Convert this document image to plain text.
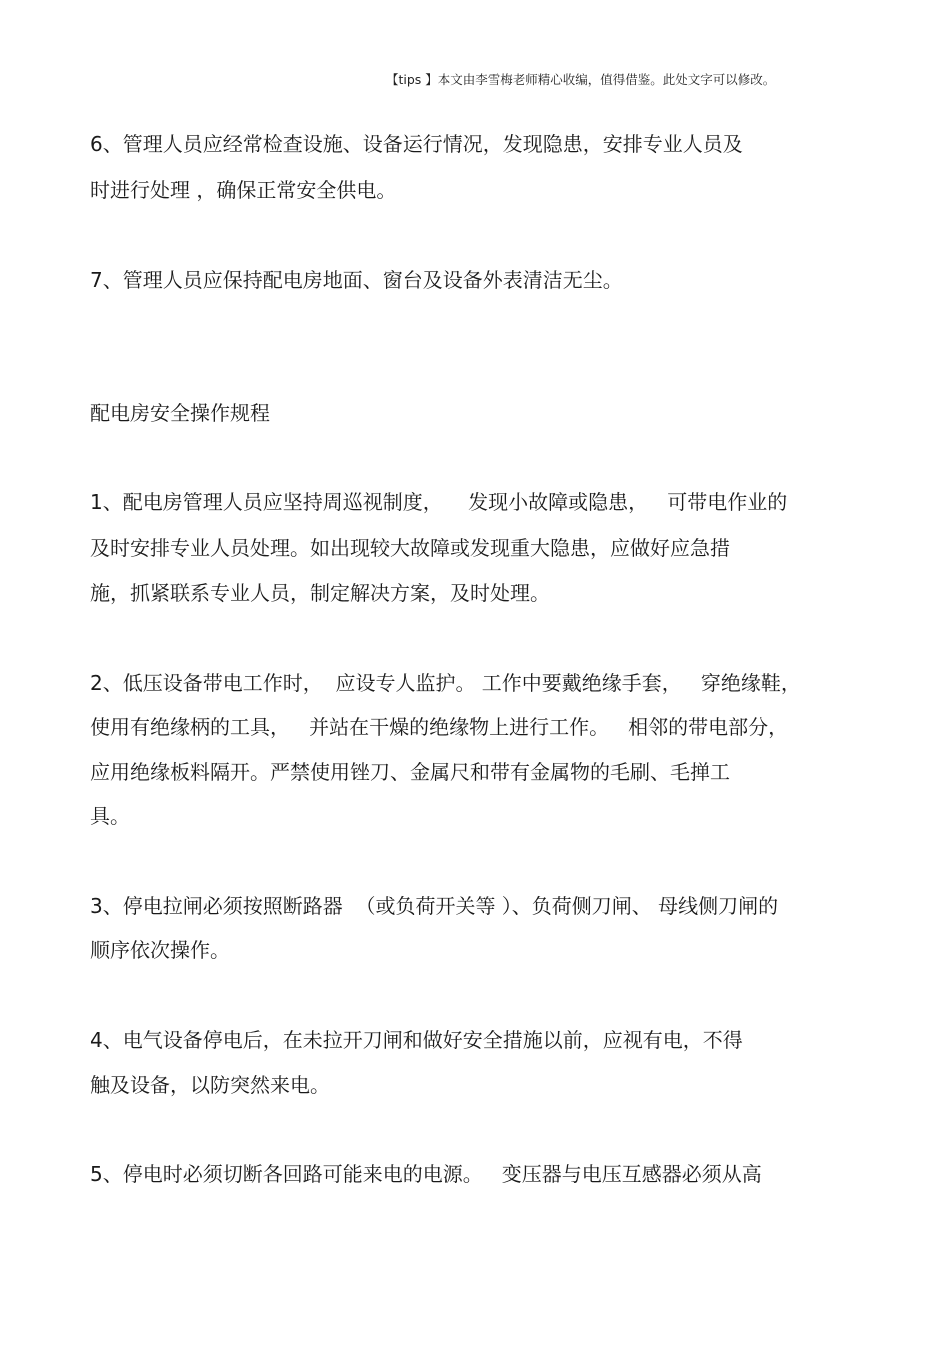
【tips 】本文由李雪梅老师精心收编，值得借鉴。此处文字可以修改。
6、管理人员应经常检查设施、设备运行情况，发现隐患，安排专业人员及
时进行处理 ，确保正常安全供电。
7、管理人员应保持配电房地面、窗台及设备外表清洁无尘。
配电房安全操作规程
1、配电房管理人员应坚持周巡视制度，    发现小故障或隐患，   可带电作业的
及时安排专业人员处理。如出现较大故障或发现重大隐患，应做好应急措
施，抓紧联系专业人员，制定解决方案，及时处理。
2、低压设备带电工作时，  应设专人监护。 工作中要戴绝缘手套，   穿绝缘鞋，
使用有绝缘柄的工具，   并站在干燥的绝缘物上进行工作。   相邻的带电部分，
应用绝缘板料隔开。严禁使用锉刀、金属尺和带有金属物的毛刷、毛掸工
具。
3、停电拉闸必须按照断路器  （或负荷开关等 ）、负荷侧刀闸、 母线侧刀闸的
顺序依次操作。
4、电气设备停电后，在未拉开刀闸和做好安全措施以前，应视有电，不得
触及设备，以防突然来电。
5、停电时必须切断各回路可能来电的电源。   变压器与电压互感器必须从高
